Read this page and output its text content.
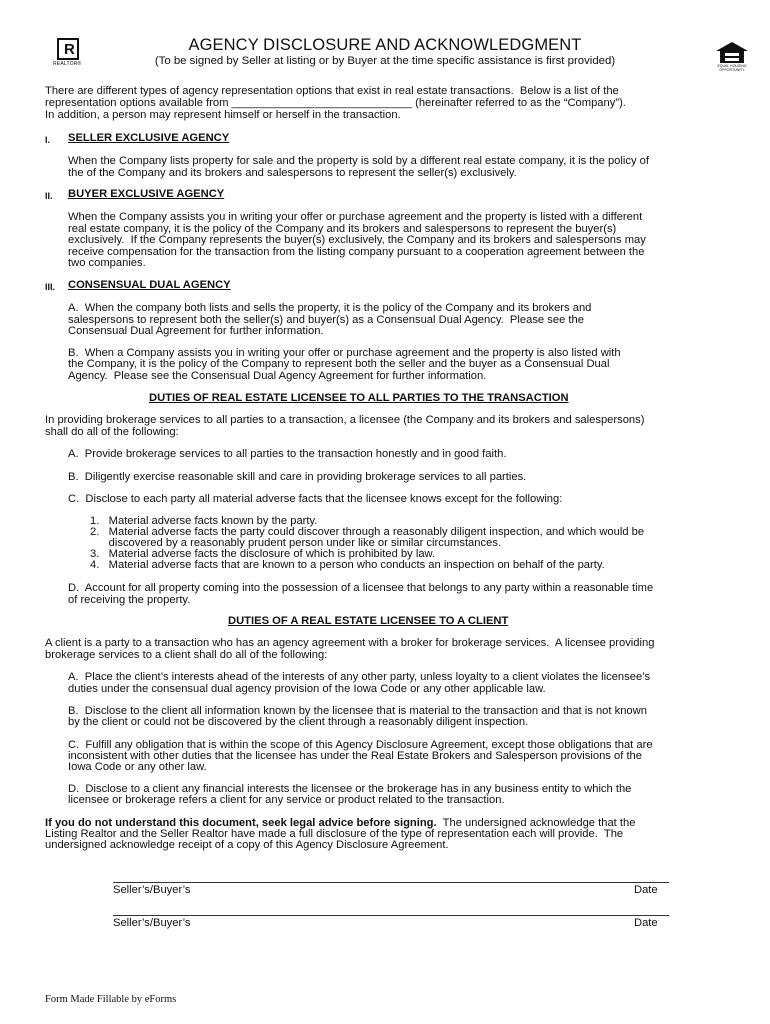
R
REALTOR®	EQUAL HOUSING OPPORTUNITY
AGENCY DISCLOSURE AND ACKNOWLEDGMENT
(To be signed by Seller at listing or by Buyer at the time specific assistance is first provided)
There are different types of agency representation options that exist in real estate transactions.  Below is a list of the
representation options available from _____________________________ (hereinafter referred to as the “Company”).
In addition, a person may represent himself or herself in the transaction.
I. SELLER EXCLUSIVE AGENCY
When the Company lists property for sale and the property is sold by a different real estate company, it is the policy of
the of the Company and its brokers and salespersons to represent the seller(s) exclusively.
II. BUYER EXCLUSIVE AGENCY
When the Company assists you in writing your offer or purchase agreement and the property is listed with a different
real estate company, it is the policy of the Company and its brokers and salespersons to represent the buyer(s)
exclusively.  If the Company represents the buyer(s) exclusively, the Company and its brokers and salespersons may
receive compensation for the transaction from the listing company pursuant to a cooperation agreement between the
two companies.
III. CONSENSUAL DUAL AGENCY
A.  When the company both lists and sells the property, it is the policy of the Company and its brokers and
salespersons to represent both the seller(s) and buyer(s) as a Consensual Dual Agency.  Please see the
Consensual Dual Agreement for further information.
B.  When a Company assists you in writing your offer or purchase agreement and the property is also listed with
the Company, it is the policy of the Company to represent both the seller and the buyer as a Consensual Dual
Agency.  Please see the Consensual Dual Agency Agreement for further information.
DUTIES OF REAL ESTATE LICENSEE TO ALL PARTIES TO THE TRANSACTION
In providing brokerage services to all parties to a transaction, a licensee (the Company and its brokers and salespersons)
shall do all of the following:
A.  Provide brokerage services to all parties to the transaction honestly and in good faith.
B.  Diligently exercise reasonable skill and care in providing brokerage services to all parties.
C.  Disclose to each party all material adverse facts that the licensee knows except for the following:
1.   Material adverse facts known by the party.
2.   Material adverse facts the party could discover through a reasonably diligent inspection, and which would be
discovered by a reasonably prudent person under like or similar circumstances.
3.   Material adverse facts the disclosure of which is prohibited by law.
4.   Material adverse facts that are known to a person who conducts an inspection on behalf of the party.
D.  Account for all property coming into the possession of a licensee that belongs to any party within a reasonable time
of receiving the property.
DUTIES OF A REAL ESTATE LICENSEE TO A CLIENT
A client is a party to a transaction who has an agency agreement with a broker for brokerage services.  A licensee providing
brokerage services to a client shall do all of the following:
A.  Place the client’s interests ahead of the interests of any other party, unless loyalty to a client violates the licensee’s
duties under the consensual dual agency provision of the Iowa Code or any other applicable law.
B.  Disclose to the client all information known by the licensee that is material to the transaction and that is not known
by the client or could not be discovered by the client through a reasonably diligent inspection.
C.  Fulfill any obligation that is within the scope of this Agency Disclosure Agreement, except those obligations that are
inconsistent with other duties that the licensee has under the Real Estate Brokers and Salesperson provisions of the
Iowa Code or any other law.
D.  Disclose to a client any financial interests the licensee or the brokerage has in any business entity to which the
licensee or brokerage refers a client for any service or product related to the transaction.
If you do not understand this document, seek legal advice before signing.  The undersigned acknowledge that the
Listing Realtor and the Seller Realtor have made a full disclosure of the type of representation each will provide.  The
undersigned acknowledge receipt of a copy of this Agency Disclosure Agreement.
Seller’s/Buyer’s	Date
Seller’s/Buyer’s	Date
Form Made Fillable by eForms
